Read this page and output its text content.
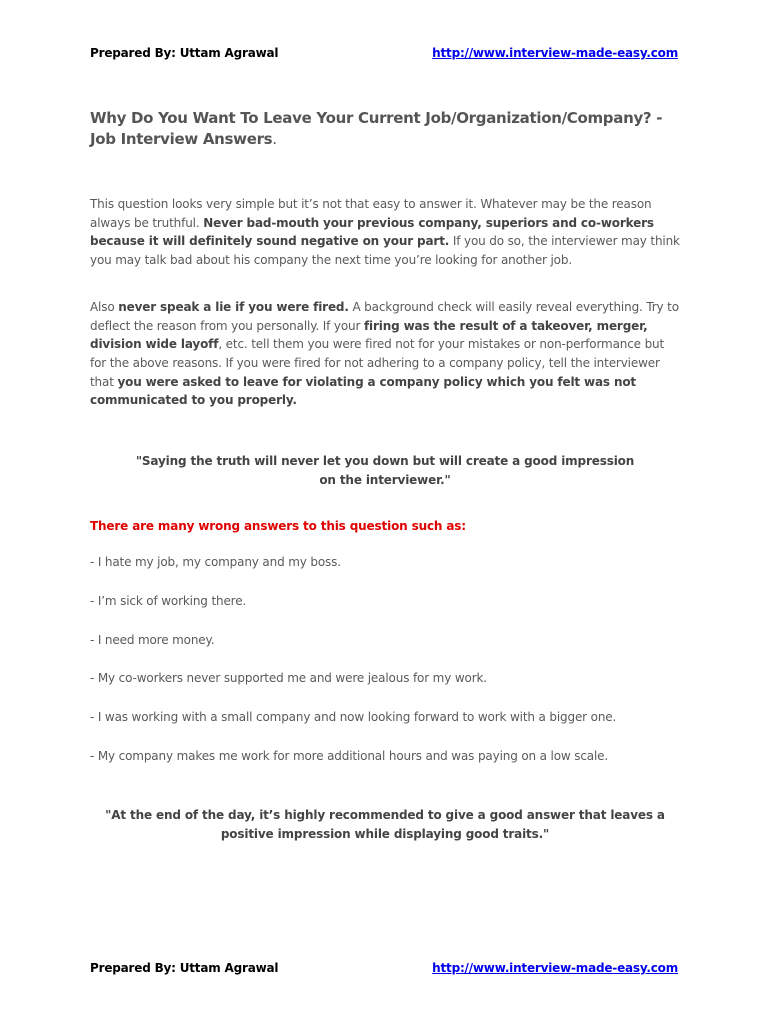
Prepared By: Uttam Agrawal	http://www.interview-made-easy.com
Why Do You Want To Leave Your Current Job/Organization/Company? - Job Interview Answers.

This question looks very simple but it’s not that easy to answer it. Whatever may be the reason always be truthful. Never bad-mouth your previous company, superiors and co-workers because it will definitely sound negative on your part. If you do so, the interviewer may think you may talk bad about his company the next time you’re looking for another job.

Also never speak a lie if you were fired. A background check will easily reveal everything. Try to deflect the reason from you personally. If your firing was the result of a takeover, merger, division wide layoff, etc. tell them you were fired not for your mistakes or non-performance but for the above reasons. If you were fired for not adhering to a company policy, tell the interviewer that you were asked to leave for violating a company policy which you felt was not communicated to you properly.

"Saying the truth will never let you down but will create a good impression on the interviewer."

There are many wrong answers to this question such as:

- I hate my job, my company and my boss.
- I’m sick of working there.
- I need more money.
- My co-workers never supported me and were jealous for my work.
- I was working with a small company and now looking forward to work with a bigger one.
- My company makes me work for more additional hours and was paying on a low scale.

"At the end of the day, it’s highly recommended to give a good answer that leaves a positive impression while displaying good traits."

Prepared By: Uttam Agrawal	http://www.interview-made-easy.com
